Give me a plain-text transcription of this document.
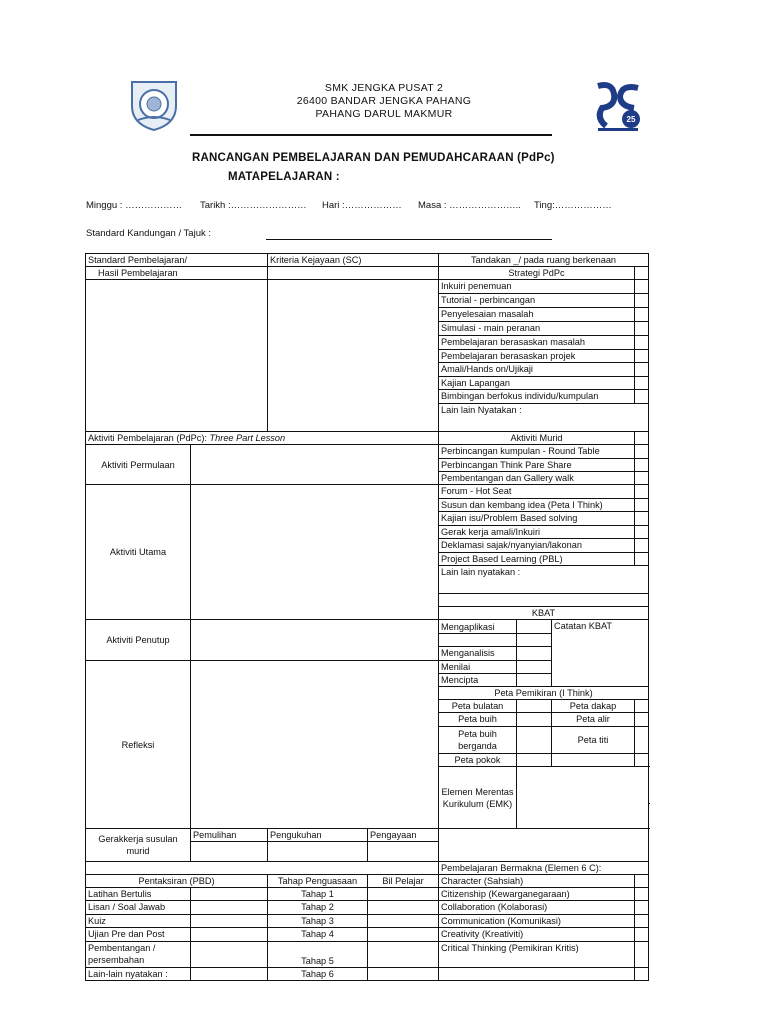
25
SMK JENGKA PUSAT 2
26400 BANDAR JENGKA PAHANG
PAHANG DARUL MAKMUR
RANCANGAN PEMBELAJARAN DAN PEMUDAHCARAAN (PdPc)
MATAPELAJARAN :
Minggu : ……………… Tarikh :…………………… Hari :……………… Masa : ………………….. Ting:………………
Standard Kandungan / Tajuk :
Standard Pembelajaran/		Kriteria Kejayaan (SC)		Tandakan _/ pada ruang berkenaan				
Hasil Pembelajaran				Strategi PdPc				
				Inkuiri penemuan				
				Tutorial - perbincangan				
				Penyelesaian masalah				
				Simulasi - main peranan				
				Pembelajaran berasaskan masalah				
				Pembelajaran berasaskan projek				
				Amali/Hands on/Ujikaji				
				Kajian Lapangan				
				Bimbingan berfokus individu/kumpulan				
				Lain lain Nyatakan :				
Aktiviti Pembelajaran (PdPc): Three Part Lesson				Aktiviti Murid				
Aktiviti Permulaan				Perbincangan kumpulan - Round Table				
				Perbincangan Think Pare Share				
				Pembentangan dan Gallery walk				
Aktiviti Utama				Forum - Hot Seat				
				Susun dan kembang idea (Peta I Think)				
				Kajian isu/Problem Based solving				
				Gerak kerja amali/Inkuiri				
				Deklamasi sajak/nyanyian/lakonan				
				Project Based Learning (PBL)				
				Lain lain nyatakan :				

				KBAT				
Aktiviti Penutup				Mengaplikasi		Catatan KBAT		

				Menganalisis				
Refleksi				Menilai				
				Mencipta				
				Peta Pemikiran (I Think)				
				Peta bulatan		Peta dakap		
				Peta buih		Peta alir		
				Peta buih berganda		Peta titi		
				Peta pokok				
				Elemen Merentas Kurikulum (EMK)		

Gerakkerja susulan murid	Pemulihan	Pengukuhan	Pengayaan					

				Pembelajaran Bermakna (Elemen 6 C):				
Pentaksiran (PBD)		Tahap Penguasaan	Bil Pelajar	Character (Sahsiah)				
Latihan Bertulis		Tahap 1		Citizenship (Kewarganegaraan)				
Lisan / Soal Jawab		Tahap 2		Collaboration (Kolaborasi)				
Kuiz		Tahap 3		Communication (Komunikasi)				
Ujian Pre dan Post		Tahap 4		Creativity (Kreativiti)				
Pembentangan / persembahan		Tahap 5		Critical Thinking (Pemikiran Kritis)				
Lain-lain nyatakan :		Tahap 6						
